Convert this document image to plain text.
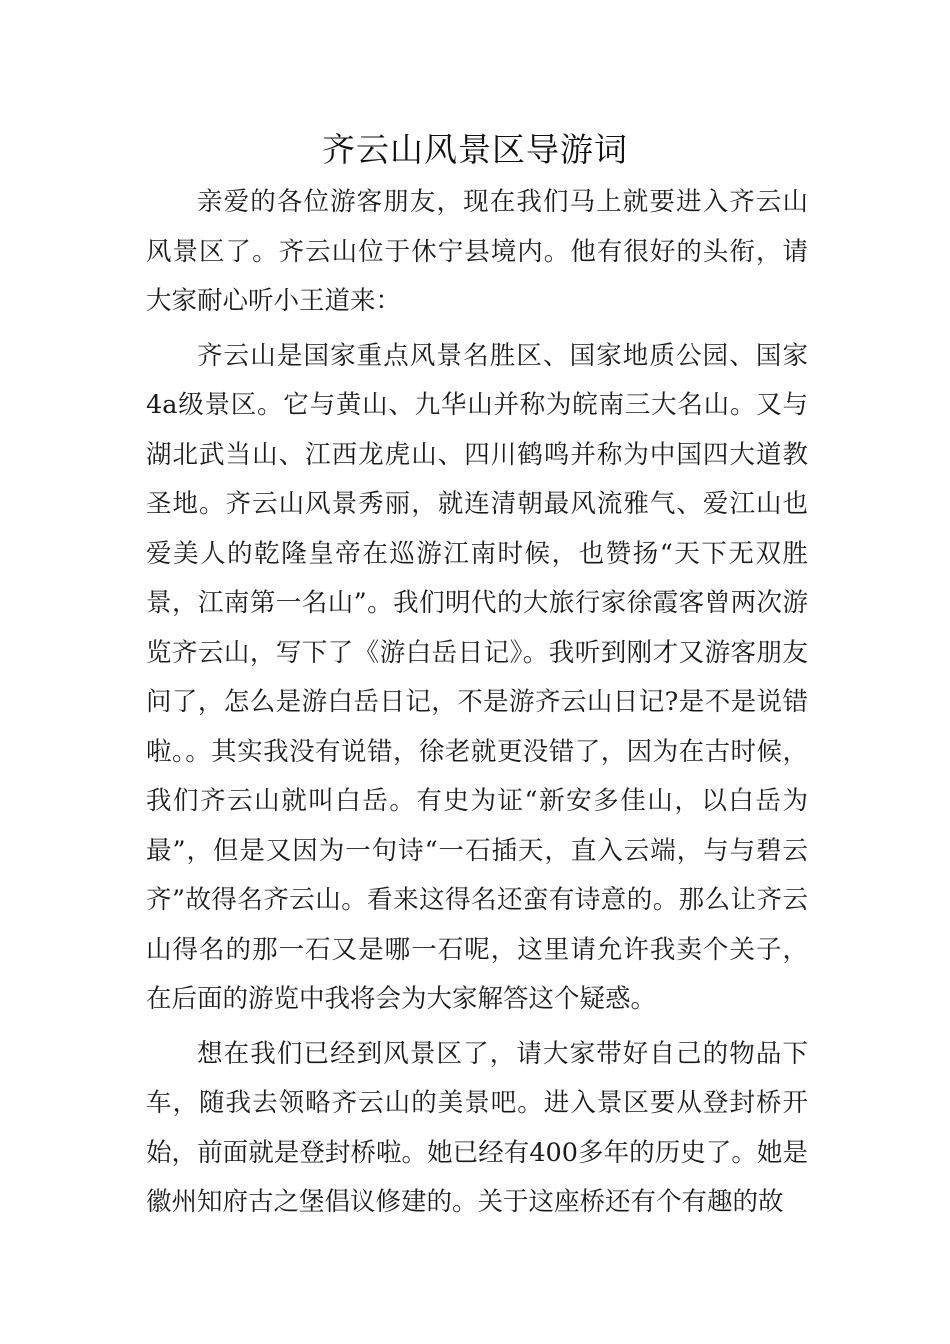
齐云山风景区导游词

亲爱的各位游客朋友，现在我们马上就要进入齐云山风景区了。齐云山位于休宁县境内。他有很好的头衔，请大家耐心听小王道来：

齐云山是国家重点风景名胜区、国家地质公园、国家4a级景区。它与黄山、九华山并称为皖南三大名山。又与湖北武当山、江西龙虎山、四川鹤鸣并称为中国四大道教圣地。齐云山风景秀丽，就连清朝最风流雅气、爱江山也爱美人的乾隆皇帝在巡游江南时候，也赞扬“天下无双胜景，江南第一名山”。我们明代的大旅行家徐霞客曾两次游览齐云山，写下了《游白岳日记》。我听到刚才又游客朋友问了，怎么是游白岳日记，不是游齐云山日记?是不是说错啦。。其实我没有说错，徐老就更没错了，因为在古时候，我们齐云山就叫白岳。有史为证“新安多佳山，以白岳为最”，但是又因为一句诗“一石插天，直入云端，与与碧云齐”故得名齐云山。看来这得名还蛮有诗意的。那么让齐云山得名的那一石又是哪一石呢，这里请允许我卖个关子，在后面的游览中我将会为大家解答这个疑惑。

想在我们已经到风景区了，请大家带好自己的物品下车，随我去领略齐云山的美景吧。进入景区要从登封桥开始，前面就是登封桥啦。她已经有400多年的历史了。她是徽州知府古之堡倡议修建的。关于这座桥还有个有趣的故
